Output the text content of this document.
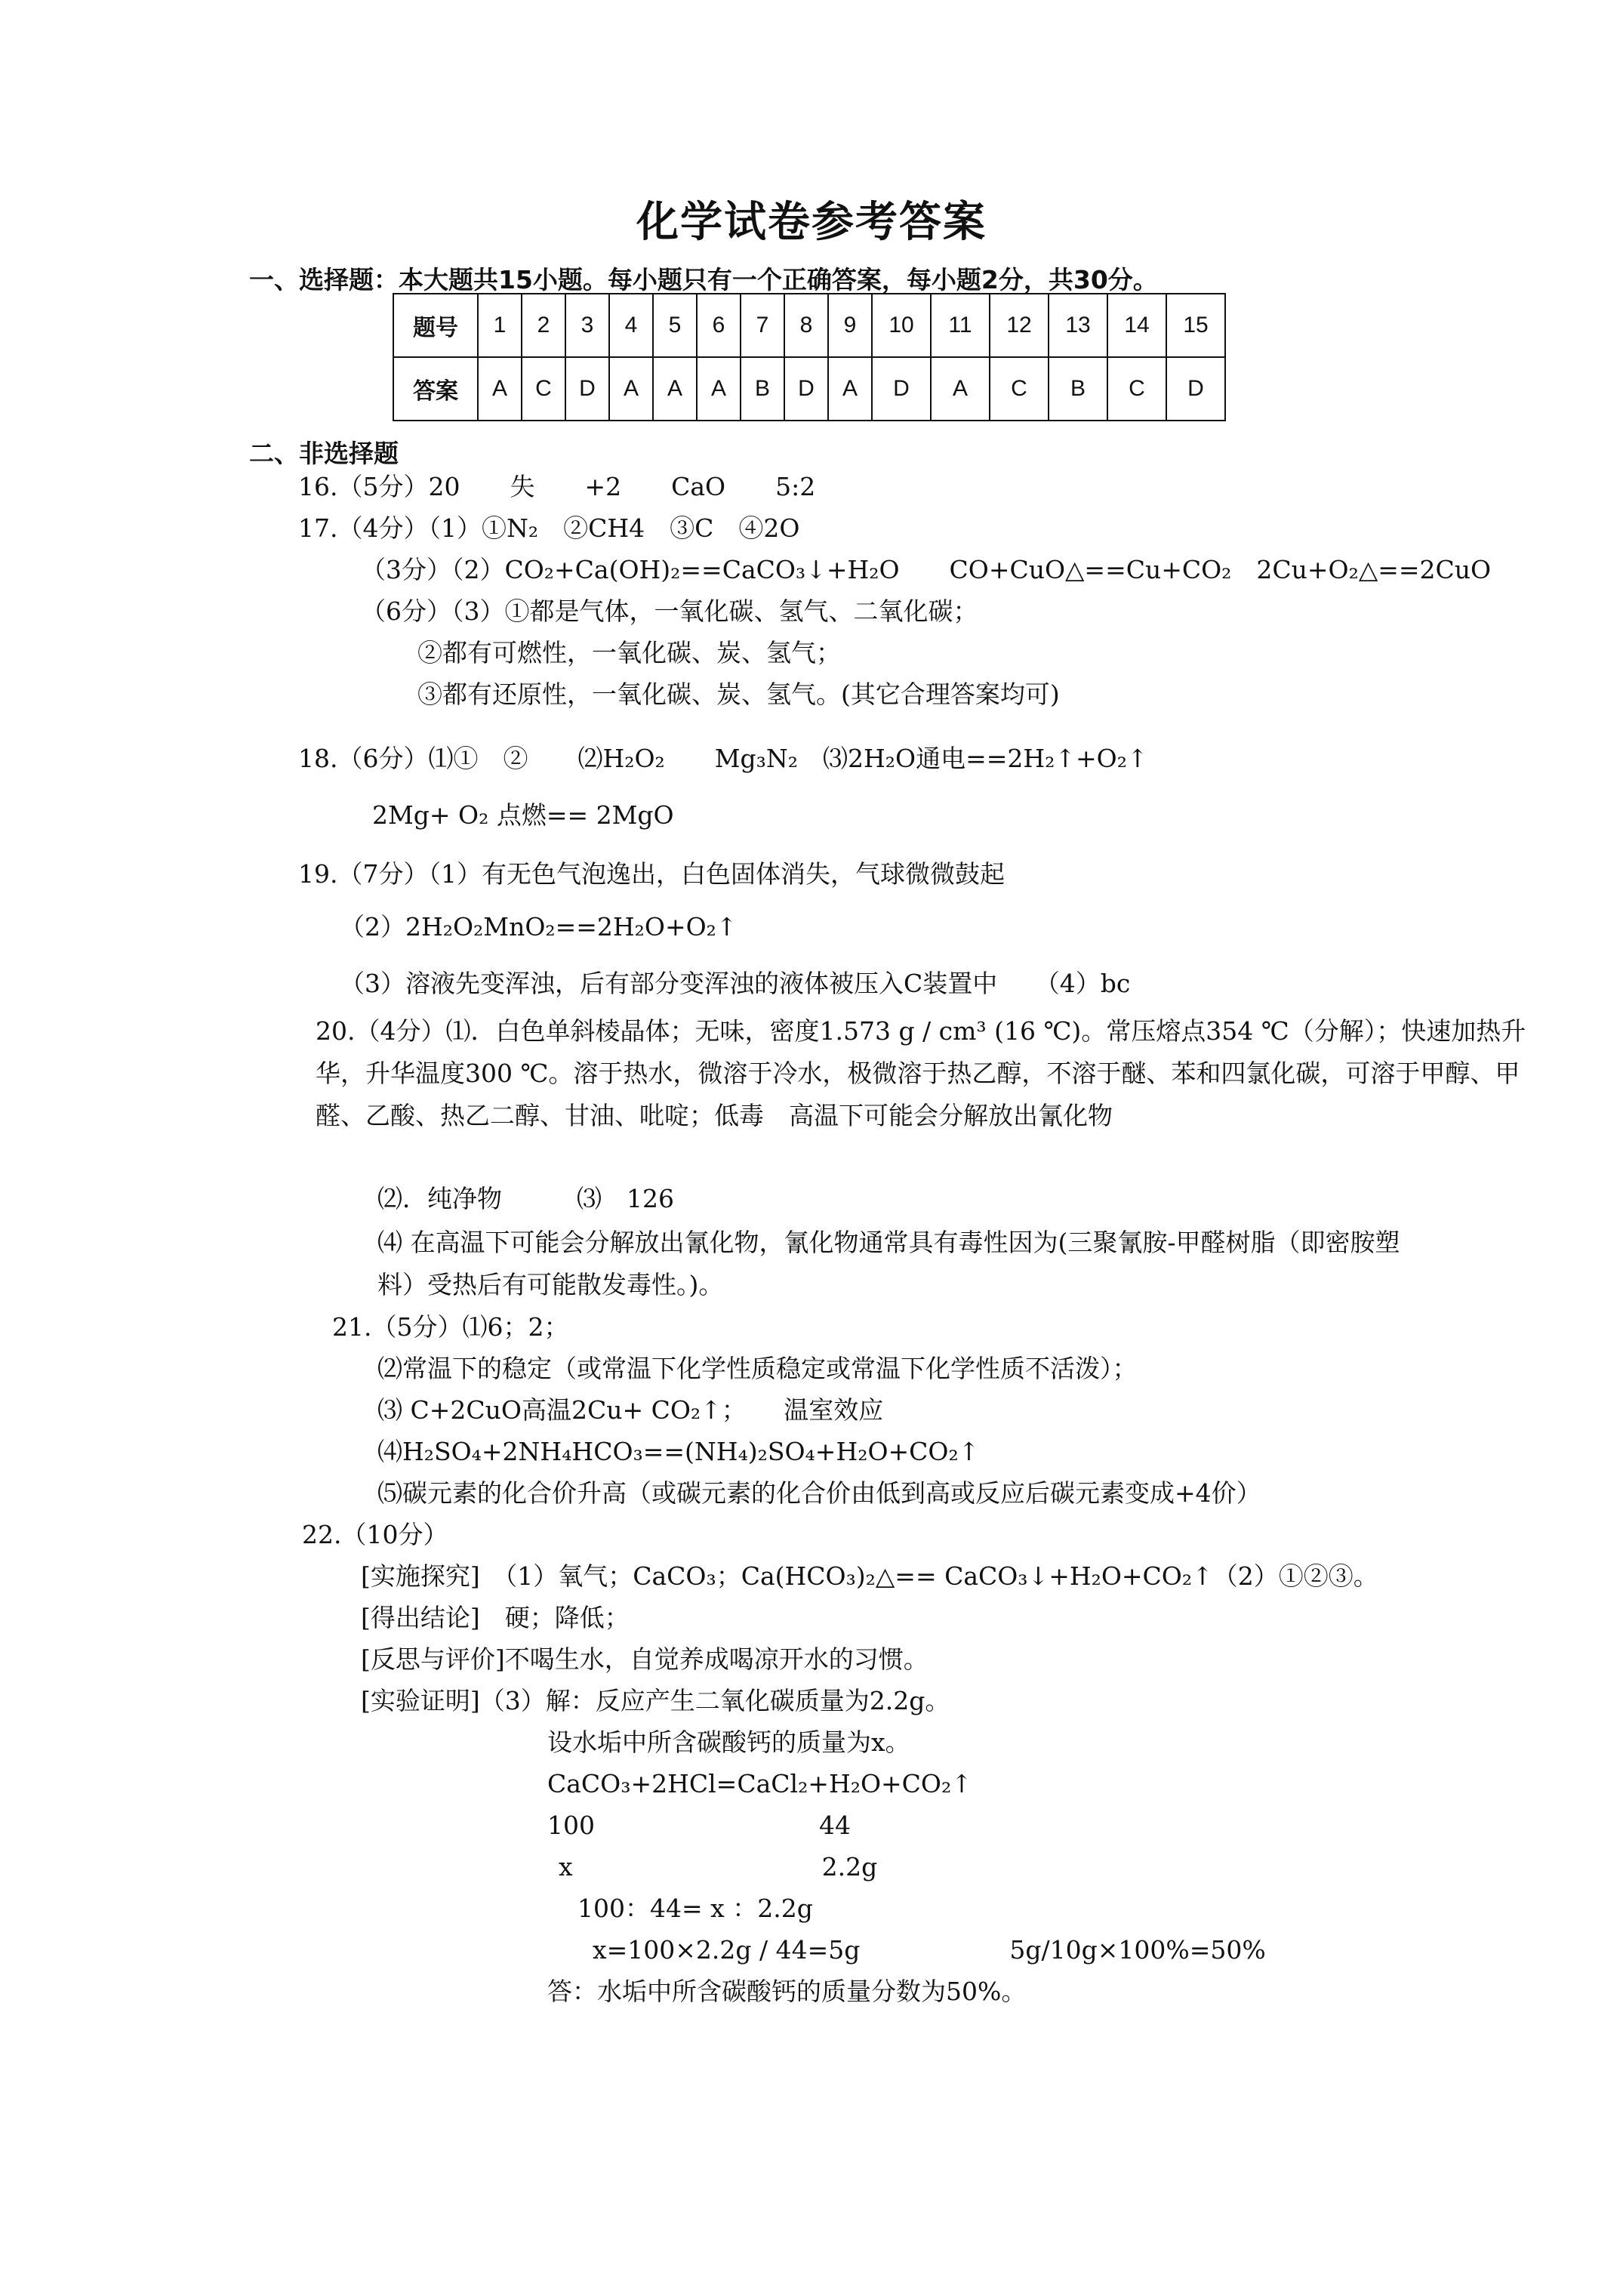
化学试卷参考答案
一、选择题：本大题共15小题。每小题只有一个正确答案，每小题2分，共30分。
题号	1	2	3	4	5	6	7	8	9	10	11	12	13	14	15
答案	A	C	D	A	A	A	B	D	A	D	A	C	B	C	D
二、非选择题
16.（5分）20　　失　　+2　　CaO　　5:2
17.（4分）（1）①N₂　②CH4　③C　④2O
（3分）（2）CO₂+Ca(OH)₂==CaCO₃↓+H₂O　　CO+CuO△==Cu+CO₂　2Cu+O₂△==2CuO
（6分）（3）①都是气体，一氧化碳、氢气、二氧化碳；
②都有可燃性，一氧化碳、炭、氢气；
③都有还原性，一氧化碳、炭、氢气。(其它合理答案均可)
18.（6分）⑴①　②　　⑵H₂O₂　　Mg₃N₂　⑶2H₂O通电==2H₂↑+O₂↑
2Mg+ O₂ 点燃== 2MgO
19.（7分）（1）有无色气泡逸出，白色固体消失，气球微微鼓起
（2）2H₂O₂MnO₂==2H₂O+O₂↑
（3）溶液先变浑浊，后有部分变浑浊的液体被压入C装置中　　（4）bc
20.（4分）⑴．白色单斜棱晶体；无味，密度1.573 g / cm³ (16 ℃)。常压熔点354 ℃（分解）；快速加热升华，升华温度300 ℃。溶于热水，微溶于冷水，极微溶于热乙醇，不溶于醚、苯和四氯化碳，可溶于甲醇、甲醛、乙酸、热乙二醇、甘油、吡啶；低毒　高温下可能会分解放出氰化物
⑵．纯净物　　　⑶　126
⑷ 在高温下可能会分解放出氰化物，氰化物通常具有毒性因为(三聚氰胺-甲醛树脂（即密胺塑料）受热后有可能散发毒性。)。
21.（5分）⑴6；2；
⑵常温下的稳定（或常温下化学性质稳定或常温下化学性质不活泼）；
⑶ C+2CuO高温2Cu+ CO₂↑；　　温室效应
⑷H₂SO₄+2NH₄HCO₃==(NH₄)₂SO₄+H₂O+CO₂↑
⑸碳元素的化合价升高（或碳元素的化合价由低到高或反应后碳元素变成+4价）
22.（10分）
[实施探究]　（1）氧气；CaCO₃；Ca(HCO₃)₂△== CaCO₃↓+H₂O+CO₂↑（2）①②③。
[得出结论]　硬；降低；
[反思与评价]不喝生水，自觉养成喝凉开水的习惯。
[实验证明]（3）解：反应产生二氧化碳质量为2.2g。
设水垢中所含碳酸钙的质量为x。
CaCO₃+2HCl=CaCl₂+H₂O+CO₂↑
100　　　　　　　　　44
x　　　　　　　　　　2.2g
100：44= x ：2.2g
x=100×2.2g / 44=5g　　　　　　5g/10g×100%=50%
答：水垢中所含碳酸钙的质量分数为50%。
